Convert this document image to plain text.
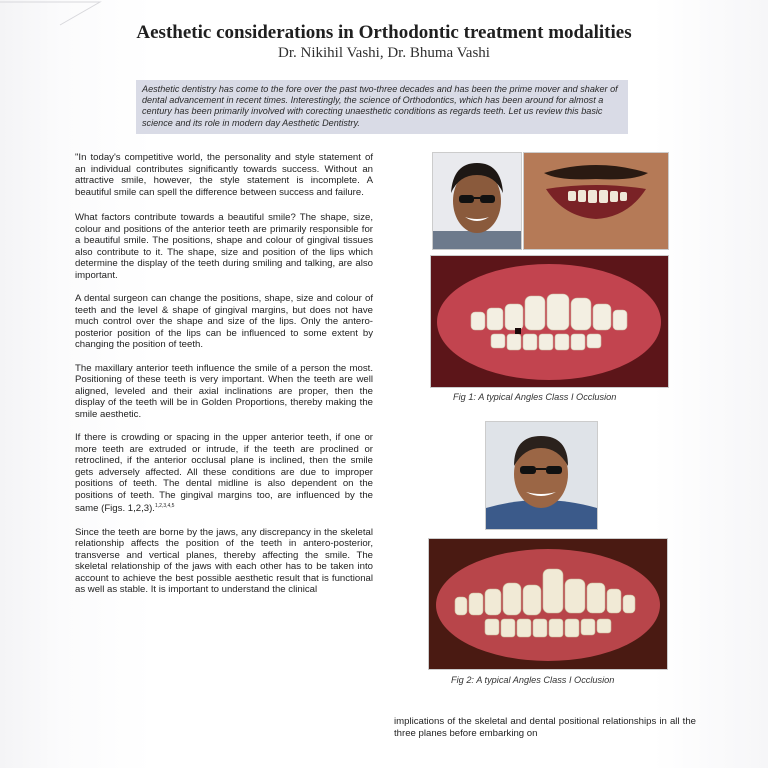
Aesthetic considerations in Orthodontic treatment modalities
Dr. Nikihil Vashi, Dr. Bhuma Vashi
Aesthetic dentistry has come to the fore over the past two-three decades and has been the prime mover and shaker of dental advancement in recent times. Interestingly, the science of Orthodontics, which has been around for almost a century has been primarily involved with corecting unaesthetic conditions as regards teeth. Let us review this basic science and its role in modern day Aesthetic Dentistry.

"In today's competitive world, the personality and style statement of an individual contributes significantly towards success. Without an attractive smile, however, the style statement is incomplete. A beautiful smile can spell the difference between success and failure.

What factors contribute towards a beautiful smile? The shape, size, colour and positions of the anterior teeth are primarily responsible for a beautiful smile. The positions, shape and colour of gingival tissues also contribute to it. The shape, size and position of the lips which determine the display of the teeth during smiling and talking, are also important.

A dental surgeon can change the positions, shape, size and colour of teeth and the level & shape of gingival margins, but does not have much control over the shape and size of the lips. Only the antero-posterior position of the lips can be influenced to some extent by changing the position of teeth.

The maxillary anterior teeth influence the smile of a person the most. Positioning of these teeth is very important. When the teeth are well aligned, leveled and their axial inclinations are proper, then the display of the teeth will be in Golden Proportions, thereby making the smile aesthetic.

If there is crowding or spacing in the upper anterior teeth, if one or more teeth are extruded or intrude, if the teeth are proclined or retroclined, if the anterior occlusal plane is inclined, then the smile gets adversely affected. All these conditions are due to improper positions of teeth. The dental midline is also dependent on the positions of teeth. The gingival margins too, are influenced by the same (Figs. 1,2,3).$^{1,2,3,4,5}$

Since the teeth are borne by the jaws, any discrepancy in the skeletal relationship affects the position of the teeth in antero-posterior, transverse and vertical planes, thereby affecting the smile. The skeletal relationship of the jaws with each other has to be taken into account to achieve the best possible aesthetic result that is functional as well as stable. It is important to understand the clinical

Fig 1: A typical Angles Class I Occlusion
Fig 2: A typical Angles Class I Occlusion
implications of the skeletal and dental positional relationships in all the three planes before embarking on
